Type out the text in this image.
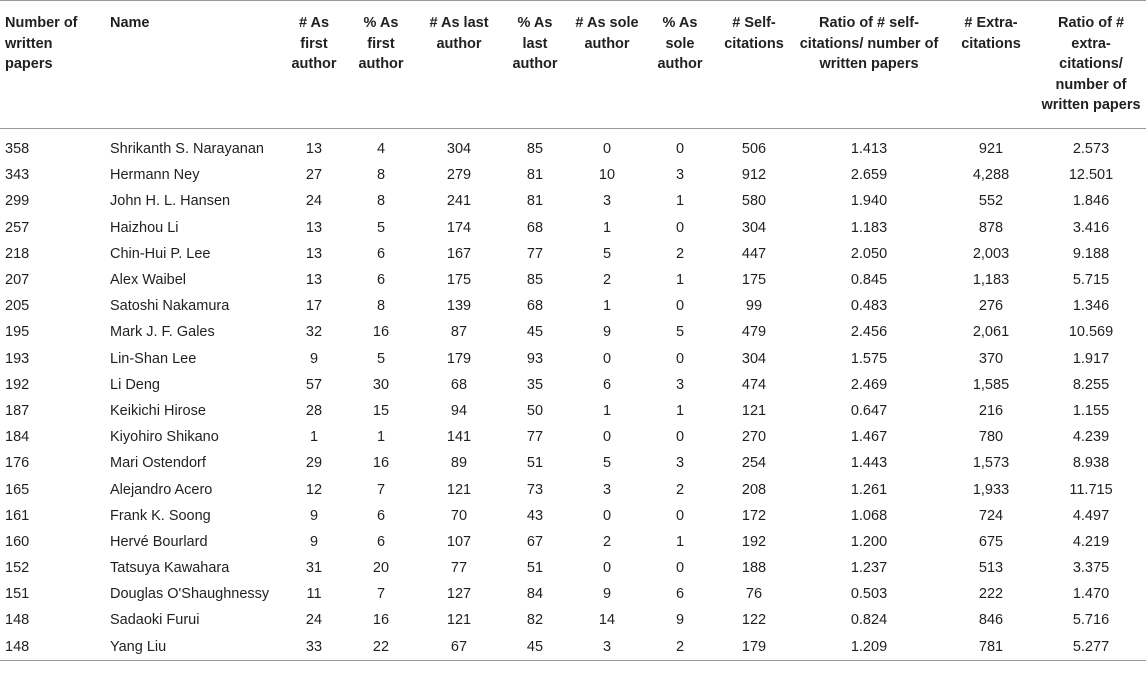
Number of written papers	Name	# As first author	% As first author	# As last author	% As last author	# As sole author	% As sole author	# Self-citations	Ratio of # self-citations/ number of written papers	# Extra-citations	Ratio of # extra-citations/ number of written papers
358	Shrikanth S. Narayanan	13	4	304	85	0	0	506	1.413	921	2.573
343	Hermann Ney	27	8	279	81	10	3	912	2.659	4,288	12.501
299	John H. L. Hansen	24	8	241	81	3	1	580	1.940	552	1.846
257	Haizhou Li	13	5	174	68	1	0	304	1.183	878	3.416
218	Chin-Hui P. Lee	13	6	167	77	5	2	447	2.050	2,003	9.188
207	Alex Waibel	13	6	175	85	2	1	175	0.845	1,183	5.715
205	Satoshi Nakamura	17	8	139	68	1	0	99	0.483	276	1.346
195	Mark J. F. Gales	32	16	87	45	9	5	479	2.456	2,061	10.569
193	Lin-Shan Lee	9	5	179	93	0	0	304	1.575	370	1.917
192	Li Deng	57	30	68	35	6	3	474	2.469	1,585	8.255
187	Keikichi Hirose	28	15	94	50	1	1	121	0.647	216	1.155
184	Kiyohiro Shikano	1	1	141	77	0	0	270	1.467	780	4.239
176	Mari Ostendorf	29	16	89	51	5	3	254	1.443	1,573	8.938
165	Alejandro Acero	12	7	121	73	3	2	208	1.261	1,933	11.715
161	Frank K. Soong	9	6	70	43	0	0	172	1.068	724	4.497
160	Hervé Bourlard	9	6	107	67	2	1	192	1.200	675	4.219
152	Tatsuya Kawahara	31	20	77	51	0	0	188	1.237	513	3.375
151	Douglas O'Shaughnessy	11	7	127	84	9	6	76	0.503	222	1.470
148	Sadaoki Furui	24	16	121	82	14	9	122	0.824	846	5.716
148	Yang Liu	33	22	67	45	3	2	179	1.209	781	5.277
